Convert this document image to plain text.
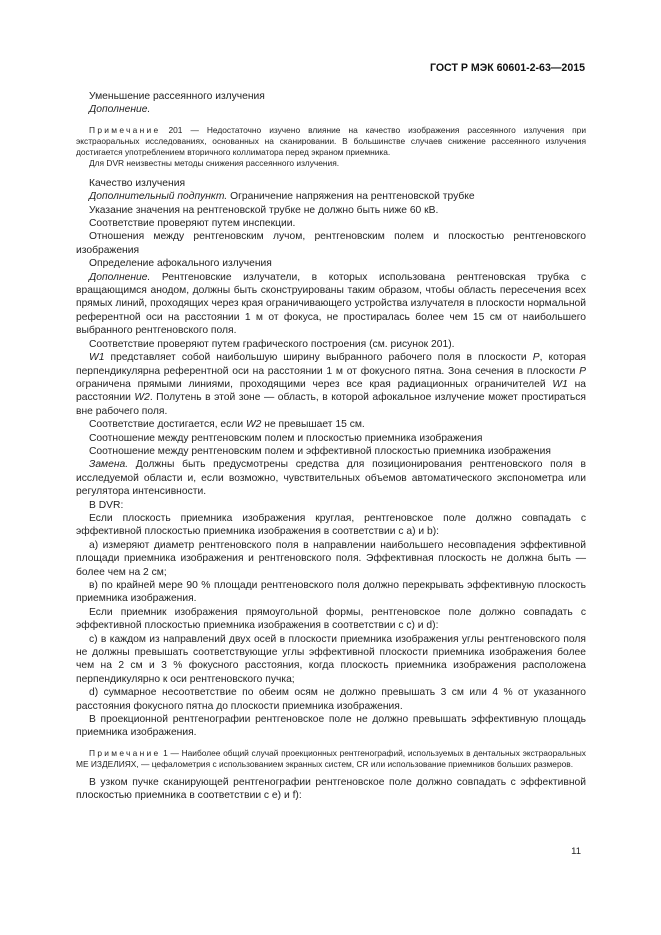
ГОСТ Р МЭК 60601-2-63—2015

Уменьшение рассеянного излучения

Дополнение.

Примечание 201 — Недостаточно изучено влияние на качество изображения рассеянного излучения при экстраоральных исследованиях, основанных на сканировании. В большинстве случаев снижение рассеянного излучения достигается употреблением вторичного коллиматора перед экраном приемника.

Для DVR неизвестны методы снижения рассеянного излучения.

Качество излучения

Дополнительный подпункт. Ограничение напряжения на рентгеновской трубке

Указание значения на рентгеновской трубке не должно быть ниже 60 кВ.

Соответствие проверяют путем инспекции.

Отношения между рентгеновским лучом, рентгеновским полем и плоскостью рентгеновского изображения

Определение афокального излучения

Дополнение. Рентгеновские излучатели, в которых использована рентгеновская трубка с вращающимся анодом, должны быть сконструированы таким образом, чтобы область пересечения всех прямых линий, проходящих через края ограничивающего устройства излучателя в плоскости нормальной референтной оси на расстоянии 1 м от фокуса, не простиралась более чем 15 см от наибольшего выбранного рентгеновского поля.

Соответствие проверяют путем графического построения (см. рисунок 201).

W1 представляет собой наибольшую ширину выбранного рабочего поля в плоскости P, которая перпендикулярна референтной оси на расстоянии 1 м от фокусного пятна. Зона сечения в плоскости P ограничена прямыми линиями, проходящими через все края радиационных ограничителей W1 на расстоянии W2. Полутень в этой зоне — область, в которой афокальное излучение может простираться вне рабочего поля.

Соответствие достигается, если W2 не превышает 15 см.

Соотношение между рентгеновским полем и плоскостью приемника изображения

Соотношение между рентгеновским полем и эффективной плоскостью приемника изображения

Замена. Должны быть предусмотрены средства для позиционирования рентгеновского поля в исследуемой области и, если возможно, чувствительных объемов автоматического экспонометра или регулятора интенсивности.

В DVR:

Если плоскость приемника изображения круглая, рентгеновское поле должно совпадать с эффективной плоскостью приемника изображения в соответствии с а) и b):

а) измеряют диаметр рентгеновского поля в направлении наибольшего несовпадения эффективной площади приемника изображения и рентгеновского поля. Эффективная плоскость не должна быть — более чем на 2 см;

в) по крайней мере 90 % площади рентгеновского поля должно перекрывать эффективную плоскость приемника изображения.

Если приемник изображения прямоугольной формы, рентгеновское поле должно совпадать с эффективной плоскостью приемника изображения в соответствии с с) и d):

с) в каждом из направлений двух осей в плоскости приемника изображения углы рентгеновского поля не должны превышать соответствующие углы эффективной плоскости приемника изображения более чем на 2 см и 3 % фокусного расстояния, когда плоскость приемника изображения расположена перпендикулярно к оси рентгеновского пучка;

d) суммарное несоответствие по обеим осям не должно превышать 3 см или 4 % от указанного расстояния фокусного пятна до плоскости приемника изображения.

В проекционной рентгенографии рентгеновское поле не должно превышать эффективную площадь приемника изображения.

Примечание 1 — Наиболее общий случай проекционных рентгенографий, используемых в дентальных экстраоральных МЕ ИЗДЕЛИЯХ, — цефалометрия с использованием экранных систем, CR или использование приемников больших размеров.

В узком пучке сканирующей рентгенографии рентгеновское поле должно совпадать с эффективной плоскостью приемника в соответствии с е) и f):

11
